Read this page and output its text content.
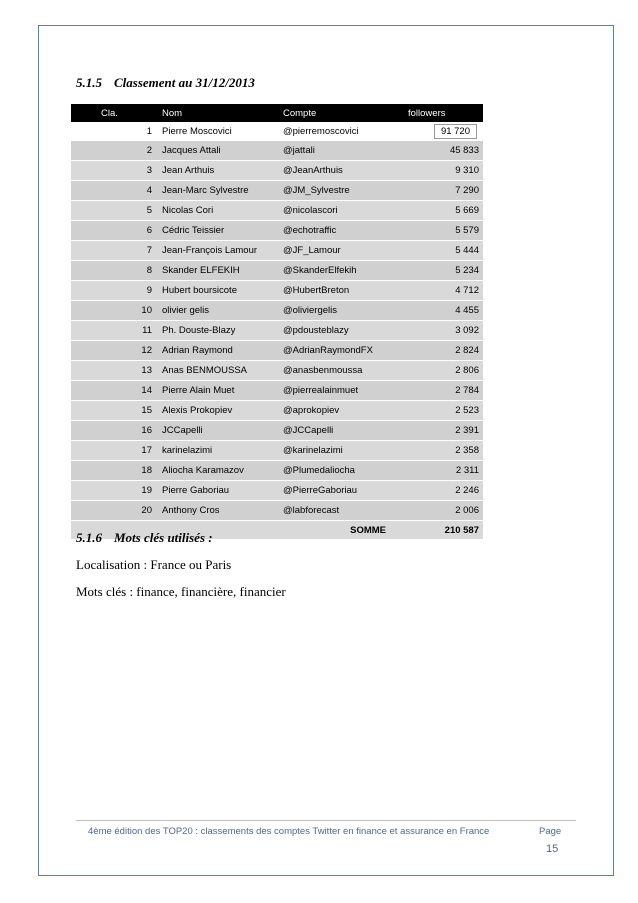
5.1.5 Classement au 31/12/2013
Cla.	Nom	Compte	followers
1	Pierre Moscovici	@pierremoscovici	91 720
2	Jacques Attali	@jattali	45 833
3	Jean Arthuis	@JeanArthuis	9 310
4	Jean-Marc Sylvestre	@JM_Sylvestre	7 290
5	Nicolas Cori	@nicolascori	5 669
6	Cédric Teissier	@echotraffic	5 579
7	Jean-François Lamour	@JF_Lamour	5 444
8	Skander ELFEKIH	@SkanderElfekih	5 234
9	Hubert boursicote	@HubertBreton	4 712
10	olivier gelis	@oliviergelis	4 455
11	Ph. Douste-Blazy	@pdousteblazy	3 092
12	Adrian Raymond	@AdrianRaymondFX	2 824
13	Anas BENMOUSSA	@anasbenmoussa	2 806
14	Pierre Alain Muet	@pierrealainmuet	2 784
15	Alexis Prokopiev	@aprokopiev	2 523
16	JCCapelli	@JCCapelli	2 391
17	karinelazimi	@karinelazimi	2 358
18	Aliocha Karamazov	@Plumedaliocha	2 311
19	Pierre Gaboriau	@PierreGaboriau	2 246
20	Anthony Cros	@labforecast	2 006
		SOMME	210 587
5.1.6 Mots clés utilisés :
Localisation : France ou Paris
Mots clés : finance, financière, financier
4ème édition des TOP20 : classements des comptes Twitter en finance et assurance en France	Page
15
